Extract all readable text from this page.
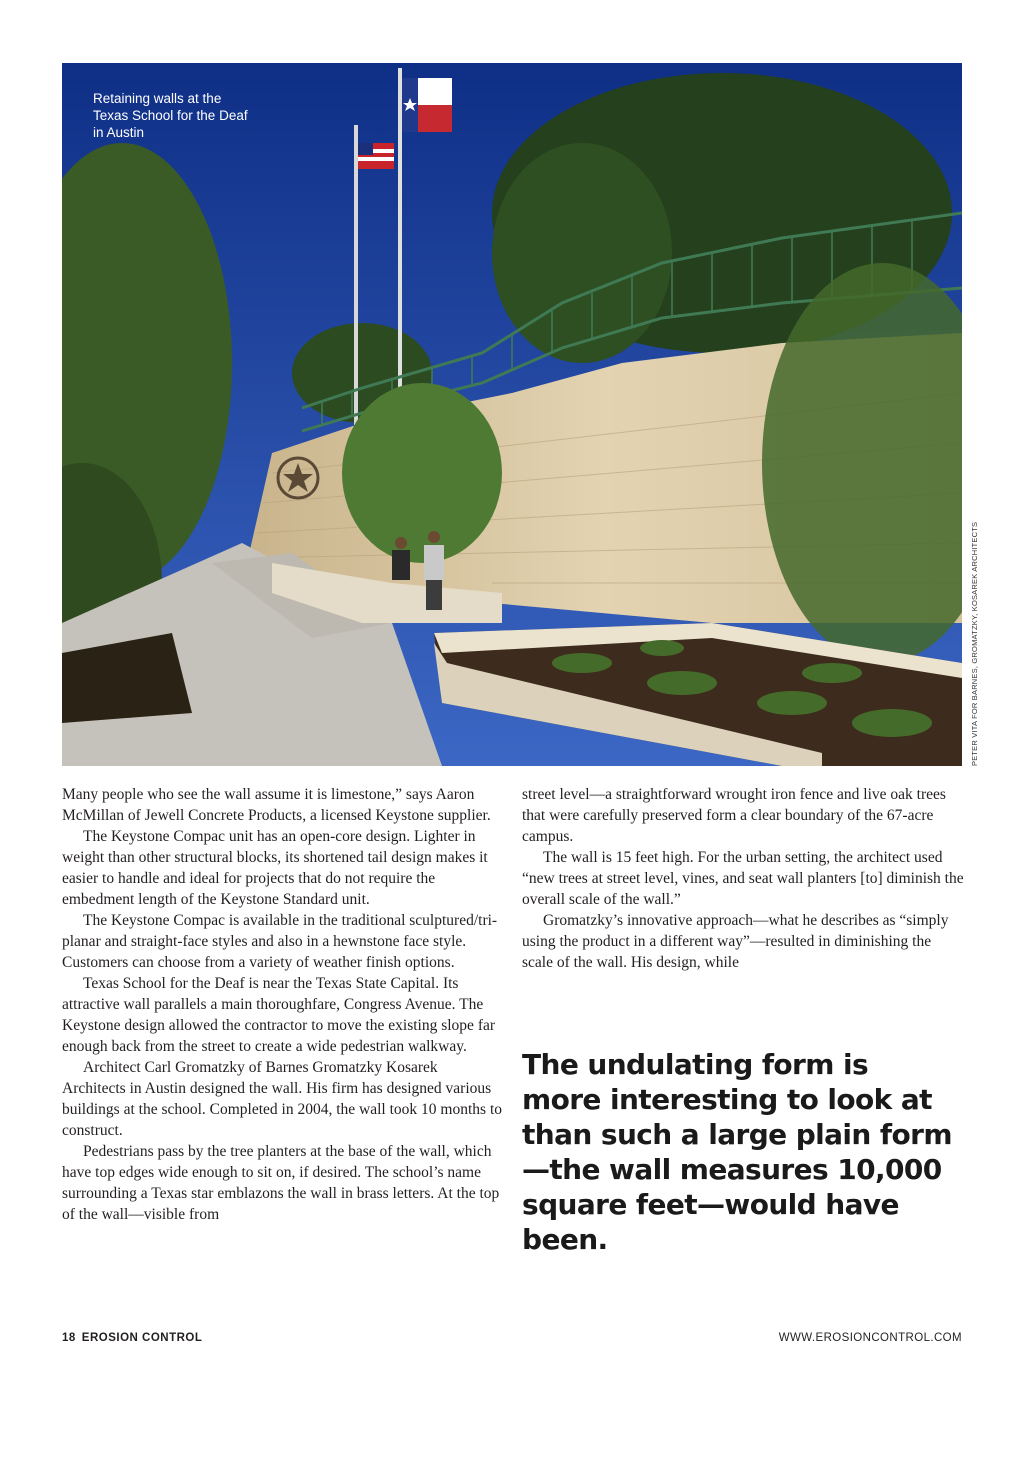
Retaining walls at the Texas School for the Deaf in Austin

PETER VITA FOR BARNES, GROMATZKY, KOSAREK ARCHITECTS

Many people who see the wall assume it is limestone,” says Aaron McMillan of Jewell Concrete Products, a licensed Keystone supplier.

The Keystone Compac unit has an open-core design. Lighter in weight than other structural blocks, its shortened tail design makes it easier to handle and ideal for projects that do not require the embedment length of the Keystone Standard unit.

The Keystone Compac is available in the traditional sculptured/tri-planar and straight-face styles and also in a hewnstone face style. Customers can choose from a variety of weather finish options.

Texas School for the Deaf is near the Texas State Capital. Its attractive wall parallels a main thoroughfare, Congress Avenue. The Keystone design allowed the contractor to move the existing slope far enough back from the street to create a wide pedestrian walkway.

Architect Carl Gromatzky of Barnes Gromatzky Kosarek Architects in Austin designed the wall. His firm has designed various buildings at the school. Completed in 2004, the wall took 10 months to construct.

Pedestrians pass by the tree planters at the base of the wall, which have top edges wide enough to sit on, if desired. The school’s name surrounding a Texas star emblazons the wall in brass letters. At the top of the wall—visible from

street level—a straightforward wrought iron fence and live oak trees that were carefully preserved form a clear boundary of the 67-acre campus.

The wall is 15 feet high. For the urban setting, the architect used “new trees at street level, vines, and seat wall planters [to] diminish the overall scale of the wall.”

Gromatzky’s innovative approach—what he describes as “simply using the product in a different way”—resulted in diminishing the scale of the wall. His design, while

The undulating form is more interesting to look at than such a large plain form—the wall measures 10,000 square feet—would have been.

18 EROSION CONTROL	WWW.EROSIONCONTROL.COM
